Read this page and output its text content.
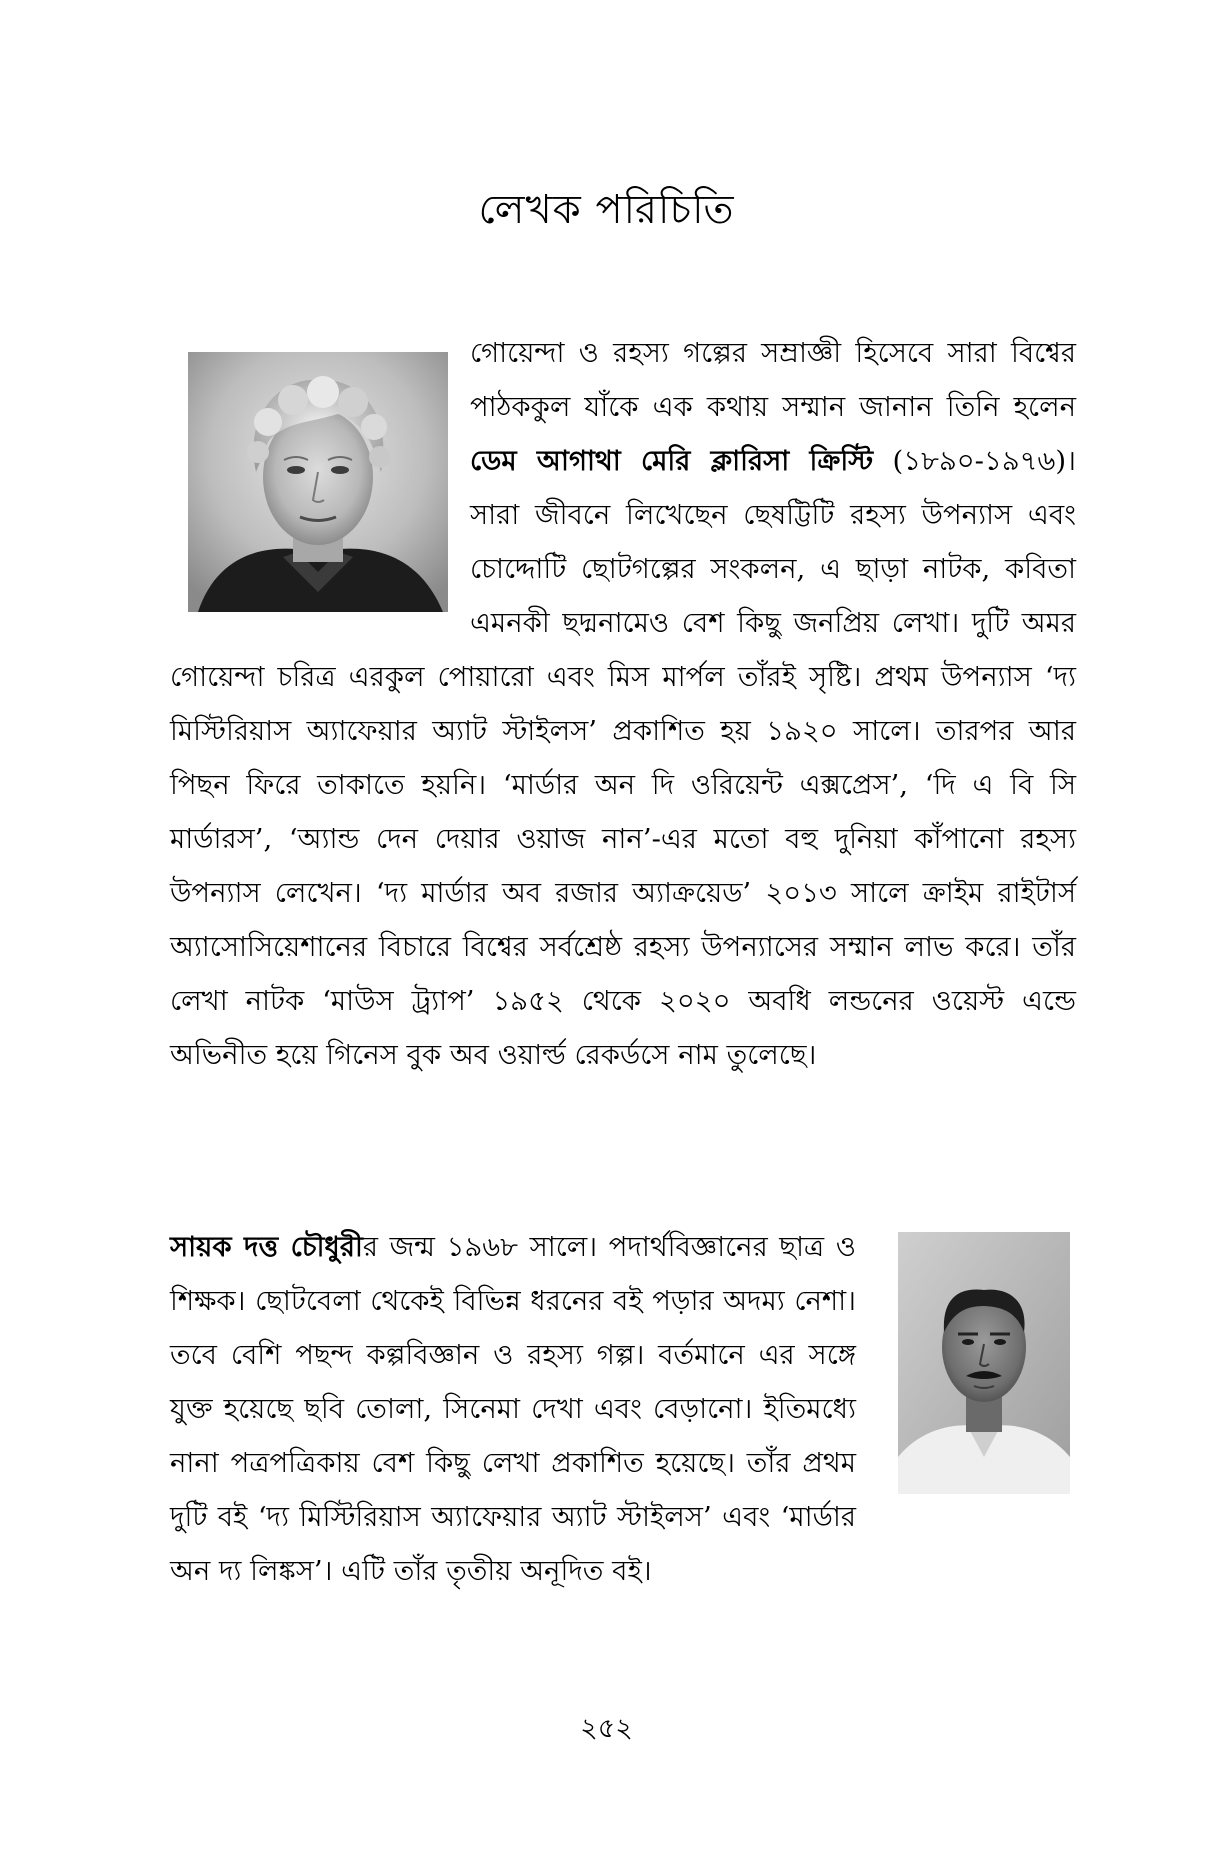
লেখক পরিচিতি
গোয়েন্দা ও রহস্য গল্পের সম্রাজ্ঞী হিসেবে সারা বিশ্বের পাঠককুল যাঁকে এক কথায় সম্মান জানান তিনি হলেন ডেম আগাথা মেরি ক্লারিসা ক্রিস্টি (১৮৯০-১৯৭৬)। সারা জীবনে লিখেছেন ছেষট্টিটি রহস্য উপন্যাস এবং চোদ্দোটি ছোটগল্পের সংকলন, এ ছাড়া নাটক, কবিতা এমনকী ছদ্মনামেও বেশ কিছু জনপ্রিয় লেখা। দুটি অমর গোয়েন্দা চরিত্র এরকুল পোয়ারো এবং মিস মার্পল তাঁরই সৃষ্টি। প্রথম উপন্যাস ‘দ্য মিস্টিরিয়াস অ্যাফেয়ার অ্যাট স্টাইলস’ প্রকাশিত হয় ১৯২০ সালে। তারপর আর পিছন ফিরে তাকাতে হয়নি। ‘মার্ডার অন দি ওরিয়েন্ট এক্সপ্রেস’, ‘দি এ বি সি মার্ডারস’, ‘অ্যান্ড দেন দেয়ার ওয়াজ নান’-এর মতো বহু দুনিয়া কাঁপানো রহস্য উপন্যাস লেখেন। ‘দ্য মার্ডার অব রজার অ্যাক্রয়েড’ ২০১৩ সালে ক্রাইম রাইটার্স অ্যাসোসিয়েশানের বিচারে বিশ্বের সর্বশ্রেষ্ঠ রহস্য উপন্যাসের সম্মান লাভ করে। তাঁর লেখা নাটক ‘মাউস ট্র্যাপ’ ১৯৫২ থেকে ২০২০ অবধি লন্ডনের ওয়েস্ট এন্ডে অভিনীত হয়ে গিনেস বুক অব ওয়ার্ল্ড রেকর্ডসে নাম তুলেছে।
সায়ক দত্ত চৌধুরীর জন্ম ১৯৬৮ সালে। পদার্থবিজ্ঞানের ছাত্র ও শিক্ষক। ছোটবেলা থেকেই বিভিন্ন ধরনের বই পড়ার অদম্য নেশা। তবে বেশি পছন্দ কল্পবিজ্ঞান ও রহস্য গল্প। বর্তমানে এর সঙ্গে যুক্ত হয়েছে ছবি তোলা, সিনেমা দেখা এবং বেড়ানো। ইতিমধ্যে নানা পত্রপত্রিকায় বেশ কিছু লেখা প্রকাশিত হয়েছে। তাঁর প্রথম দুটি বই ‘দ্য মিস্টিরিয়াস অ্যাফেয়ার অ্যাট স্টাইলস’ এবং ‘মার্ডার অন দ্য লিঙ্কস’। এটি তাঁর তৃতীয় অনূদিত বই।
২৫২
